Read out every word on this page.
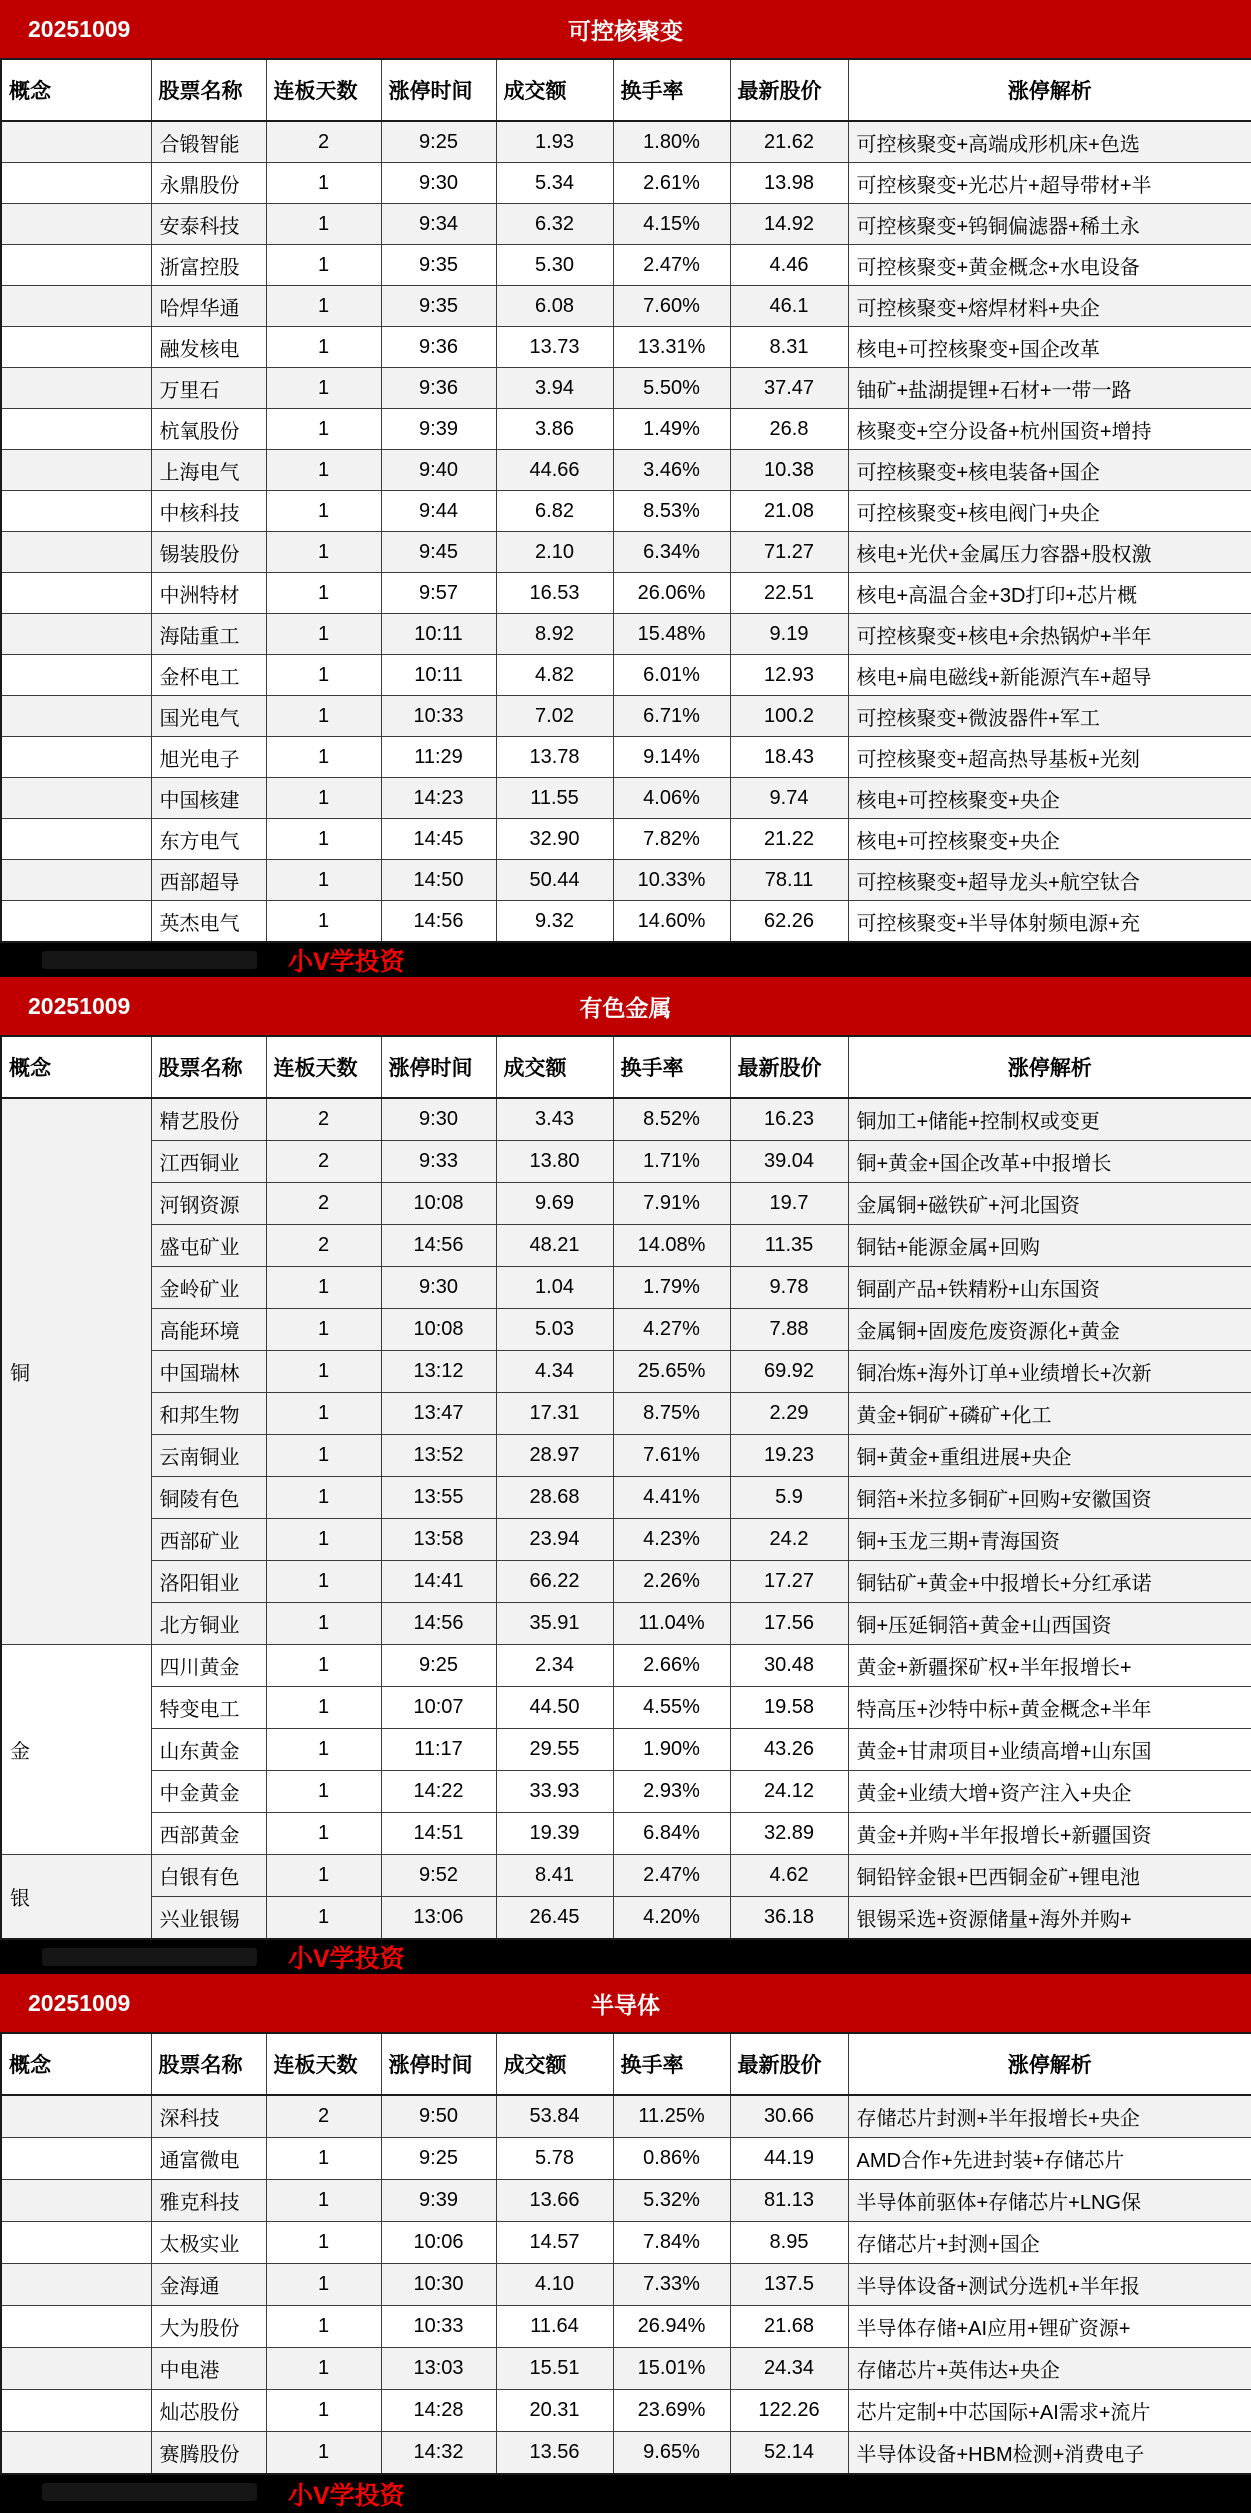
20251009	可控核聚变
概念	股票名称	连板天数	涨停时间	成交额	换手率	最新股价	涨停解析
	合锻智能	2	9:25	1.93	1.80%	21.62	可控核聚变+高端成形机床+色选
	永鼎股份	1	9:30	5.34	2.61%	13.98	可控核聚变+光芯片+超导带材+半
	安泰科技	1	9:34	6.32	4.15%	14.92	可控核聚变+钨铜偏滤器+稀土永
	浙富控股	1	9:35	5.30	2.47%	4.46	可控核聚变+黄金概念+水电设备
	哈焊华通	1	9:35	6.08	7.60%	46.1	可控核聚变+熔焊材料+央企
	融发核电	1	9:36	13.73	13.31%	8.31	核电+可控核聚变+国企改革
	万里石	1	9:36	3.94	5.50%	37.47	铀矿+盐湖提锂+石材+一带一路
	杭氧股份	1	9:39	3.86	1.49%	26.8	核聚变+空分设备+杭州国资+增持
	上海电气	1	9:40	44.66	3.46%	10.38	可控核聚变+核电装备+国企
	中核科技	1	9:44	6.82	8.53%	21.08	可控核聚变+核电阀门+央企
	锡装股份	1	9:45	2.10	6.34%	71.27	核电+光伏+金属压力容器+股权激
	中洲特材	1	9:57	16.53	26.06%	22.51	核电+高温合金+3D打印+芯片概
	海陆重工	1	10:11	8.92	15.48%	9.19	可控核聚变+核电+余热锅炉+半年
	金杯电工	1	10:11	4.82	6.01%	12.93	核电+扁电磁线+新能源汽车+超导
	国光电气	1	10:33	7.02	6.71%	100.2	可控核聚变+微波器件+军工
	旭光电子	1	11:29	13.78	9.14%	18.43	可控核聚变+超高热导基板+光刻
	中国核建	1	14:23	11.55	4.06%	9.74	核电+可控核聚变+央企
	东方电气	1	14:45	32.90	7.82%	21.22	核电+可控核聚变+央企
	西部超导	1	14:50	50.44	10.33%	78.11	可控核聚变+超导龙头+航空钛合
	英杰电气	1	14:56	9.32	14.60%	62.26	可控核聚变+半导体射频电源+充
小V学投资
20251009	有色金属
概念	股票名称	连板天数	涨停时间	成交额	换手率	最新股价	涨停解析
铜	精艺股份	2	9:30	3.43	8.52%	16.23	铜加工+储能+控制权或变更
	江西铜业	2	9:33	13.80	1.71%	39.04	铜+黄金+国企改革+中报增长
	河钢资源	2	10:08	9.69	7.91%	19.7	金属铜+磁铁矿+河北国资
	盛屯矿业	2	14:56	48.21	14.08%	11.35	铜钴+能源金属+回购
	金岭矿业	1	9:30	1.04	1.79%	9.78	铜副产品+铁精粉+山东国资
	高能环境	1	10:08	5.03	4.27%	7.88	金属铜+固废危废资源化+黄金
	中国瑞林	1	13:12	4.34	25.65%	69.92	铜冶炼+海外订单+业绩增长+次新
	和邦生物	1	13:47	17.31	8.75%	2.29	黄金+铜矿+磷矿+化工
	云南铜业	1	13:52	28.97	7.61%	19.23	铜+黄金+重组进展+央企
	铜陵有色	1	13:55	28.68	4.41%	5.9	铜箔+米拉多铜矿+回购+安徽国资
	西部矿业	1	13:58	23.94	4.23%	24.2	铜+玉龙三期+青海国资
	洛阳钼业	1	14:41	66.22	2.26%	17.27	铜钴矿+黄金+中报增长+分红承诺
	北方铜业	1	14:56	35.91	11.04%	17.56	铜+压延铜箔+黄金+山西国资
金	四川黄金	1	9:25	2.34	2.66%	30.48	黄金+新疆探矿权+半年报增长+
	特变电工	1	10:07	44.50	4.55%	19.58	特高压+沙特中标+黄金概念+半年
	山东黄金	1	11:17	29.55	1.90%	43.26	黄金+甘肃项目+业绩高增+山东国
	中金黄金	1	14:22	33.93	2.93%	24.12	黄金+业绩大增+资产注入+央企
	西部黄金	1	14:51	19.39	6.84%	32.89	黄金+并购+半年报增长+新疆国资
银	白银有色	1	9:52	8.41	2.47%	4.62	铜铅锌金银+巴西铜金矿+锂电池
	兴业银锡	1	13:06	26.45	4.20%	36.18	银锡采选+资源储量+海外并购+
小V学投资
20251009	半导体
概念	股票名称	连板天数	涨停时间	成交额	换手率	最新股价	涨停解析
	深科技	2	9:50	53.84	11.25%	30.66	存储芯片封测+半年报增长+央企
	通富微电	1	9:25	5.78	0.86%	44.19	AMD合作+先进封装+存储芯片
	雅克科技	1	9:39	13.66	5.32%	81.13	半导体前驱体+存储芯片+LNG保
	太极实业	1	10:06	14.57	7.84%	8.95	存储芯片+封测+国企
	金海通	1	10:30	4.10	7.33%	137.5	半导体设备+测试分选机+半年报
	大为股份	1	10:33	11.64	26.94%	21.68	半导体存储+AI应用+锂矿资源+
	中电港	1	13:03	15.51	15.01%	24.34	存储芯片+英伟达+央企
	灿芯股份	1	14:28	20.31	23.69%	122.26	芯片定制+中芯国际+AI需求+流片
	赛腾股份	1	14:32	13.56	9.65%	52.14	半导体设备+HBM检测+消费电子
小V学投资
